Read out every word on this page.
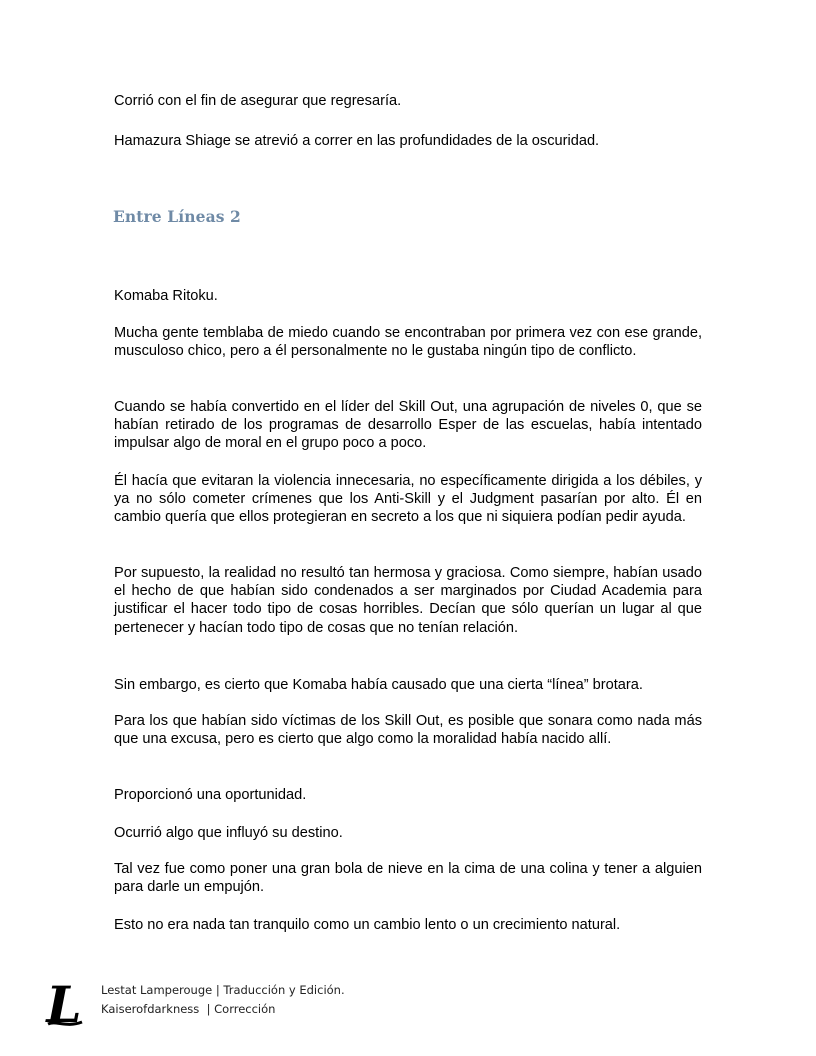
Corrió con el fin de asegurar que regresaría.

Hamazura Shiage se atrevió a correr en las profundidades de la oscuridad.

Entre Líneas 2

Komaba Ritoku.

Mucha gente temblaba de miedo cuando se encontraban por primera vez con ese grande, musculoso chico, pero a él personalmente no le gustaba ningún tipo de conflicto.

Cuando se había convertido en el líder del Skill Out, una agrupación de niveles 0, que se habían retirado de los programas de desarrollo Esper de las escuelas, había intentado impulsar algo de moral en el grupo poco a poco.

Él hacía que evitaran la violencia innecesaria, no específicamente dirigida a los débiles, y ya no sólo cometer crímenes que los Anti-Skill y el Judgment pasarían por alto. Él en cambio quería que ellos protegieran en secreto a los que ni siquiera podían pedir ayuda.

Por supuesto, la realidad no resultó tan hermosa y graciosa. Como siempre, habían usado el hecho de que habían sido condenados a ser marginados por Ciudad Academia para justificar el hacer todo tipo de cosas horribles. Decían que sólo querían un lugar al que pertenecer y hacían todo tipo de cosas que no tenían relación.

Sin embargo, es cierto que Komaba había causado que una cierta “línea” brotara.

Para los que habían sido víctimas de los Skill Out, es posible que sonara como nada más que una excusa, pero es cierto que algo como la moralidad había nacido allí.

Proporcionó una oportunidad.

Ocurrió algo que influyó su destino.

Tal vez fue como poner una gran bola de nieve en la cima de una colina y tener a alguien para darle un empujón.

Esto no era nada tan tranquilo como un cambio lento o un crecimiento natural.

L Lestat Lamperouge | Traducción y Edición.
Kaiserofdarkness  | Corrección
